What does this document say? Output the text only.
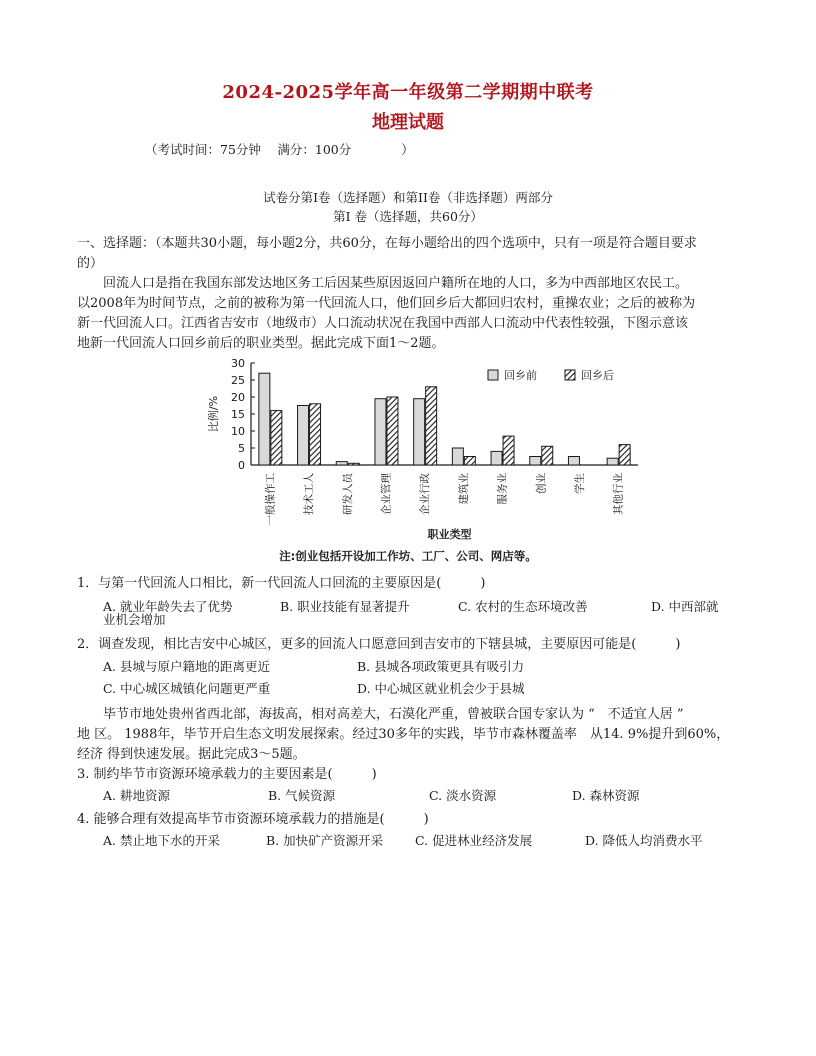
2024-2025学年高一年级第二学期期中联考
地理试题
（考试时间：75分钟　 满分：100分　　　　）
试卷分第I卷（选择题）和第II卷（非选择题）两部分
第I 卷（选择题，共60分）
一、选择题：（本题共30小题，每小题2分，共60分，在每小题给出的四个选项中，只有一项是符合题目要求
的）
　　回流人口是指在我国东部发达地区务工后因某些原因返回户籍所在地的人口，多为中西部地区农民工。
以2008年为时间节点，之前的被称为第一代回流人口，他们回乡后大都回归农村，重操农业；之后的被称为
新一代回流人口。江西省吉安市（地级市）人口流动状况在我国中西部人口流动中代表性较强，下图示意该
地新一代回流人口回乡前后的职业类型。据此完成下面1～2题。
0
5
10
15
20
25
30
比例/%
一般操作工	技术工人	研发人员	企业管理	企业行政	建筑业	服务业	创业	学生	其他行业
职业类型
回乡前	回乡后
注:创业包括开设加工作坊、工厂、公司、网店等。
1．与第一代回流人口相比，新一代回流人口回流的主要原因是(　　　)
A. 就业年龄失去了优势	B. 职业技能有显著提升	C. 农村的生态环境改善	D. 中西部就
业机会增加
2．调查发现，相比吉安中心城区，更多的回流人口愿意回到吉安市的下辖县城，主要原因可能是(　　　)
A. 县城与原户籍地的距离更近	B. 县城各项政策更具有吸引力
C. 中心城区城镇化问题更严重	D. 中心城区就业机会少于县城
　　毕节市地处贵州省西北部，海拔高，相对高差大，石漠化严重，曾被联合国专家认为 “　不适宜人居 ”
地 区。 1988年，毕节开启生态文明发展探索。经过30多年的实践，毕节市森林覆盖率　从14. 9%提升到60%，
经济 得到快速发展。据此完成3～5题。
3. 制约毕节市资源环境承载力的主要因素是(　　　)
A. 耕地资源	B. 气候资源	C. 淡水资源	D. 森林资源
4. 能够合理有效提高毕节市资源环境承载力的措施是(　　　)
A. 禁止地下水的开采	B. 加快矿产资源开采	C. 促进林业经济发展	D. 降低人均消费水平
